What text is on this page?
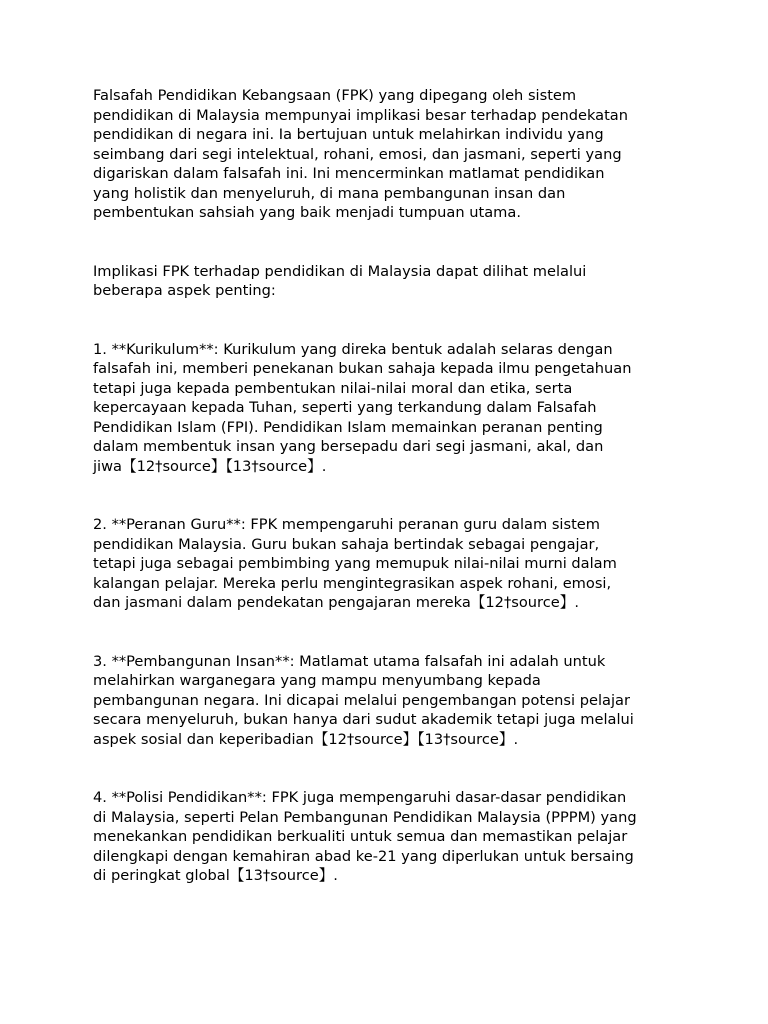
Falsafah Pendidikan Kebangsaan (FPK) yang dipegang oleh sistem
pendidikan di Malaysia mempunyai implikasi besar terhadap pendekatan
pendidikan di negara ini. Ia bertujuan untuk melahirkan individu yang
seimbang dari segi intelektual, rohani, emosi, dan jasmani, seperti yang
digariskan dalam falsafah ini. Ini mencerminkan matlamat pendidikan
yang holistik dan menyeluruh, di mana pembangunan insan dan
pembentukan sahsiah yang baik menjadi tumpuan utama.

Implikasi FPK terhadap pendidikan di Malaysia dapat dilihat melalui
beberapa aspek penting:

1. **Kurikulum**: Kurikulum yang direka bentuk adalah selaras dengan
falsafah ini, memberi penekanan bukan sahaja kepada ilmu pengetahuan
tetapi juga kepada pembentukan nilai-nilai moral dan etika, serta
kepercayaan kepada Tuhan, seperti yang terkandung dalam Falsafah
Pendidikan Islam (FPI). Pendidikan Islam memainkan peranan penting
dalam membentuk insan yang bersepadu dari segi jasmani, akal, dan
jiwa【12†source】【13†source】.

2. **Peranan Guru**: FPK mempengaruhi peranan guru dalam sistem
pendidikan Malaysia. Guru bukan sahaja bertindak sebagai pengajar,
tetapi juga sebagai pembimbing yang memupuk nilai-nilai murni dalam
kalangan pelajar. Mereka perlu mengintegrasikan aspek rohani, emosi,
dan jasmani dalam pendekatan pengajaran mereka【12†source】.

3. **Pembangunan Insan**: Matlamat utama falsafah ini adalah untuk
melahirkan warganegara yang mampu menyumbang kepada
pembangunan negara. Ini dicapai melalui pengembangan potensi pelajar
secara menyeluruh, bukan hanya dari sudut akademik tetapi juga melalui
aspek sosial dan keperibadian【12†source】【13†source】.

4. **Polisi Pendidikan**: FPK juga mempengaruhi dasar-dasar pendidikan
di Malaysia, seperti Pelan Pembangunan Pendidikan Malaysia (PPPM) yang
menekankan pendidikan berkualiti untuk semua dan memastikan pelajar
dilengkapi dengan kemahiran abad ke-21 yang diperlukan untuk bersaing
di peringkat global【13†source】.
